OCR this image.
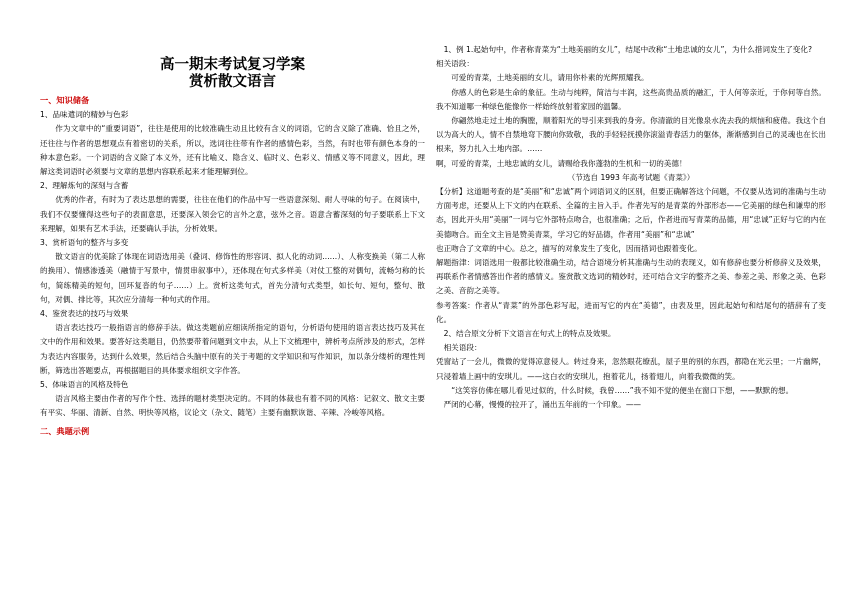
高一期末考试复习学案
赏析散文语言
一、知识储备

1、品味遣词的精妙与色彩

作为文章中的“重要词语”，往往是使用的比较准确生动且比较有含义的词语，它的含义除了准确、恰且之外，还往往与作者的思想观点有着密切的关系，所以，选词往往带有作者的感情色彩，当然，有时也带有颜色本身的一种本意色彩。一个词语的含义除了本义外，还有比喻义、隐含义、临时义、色彩义、情感义等不同意义，因此，理解这类词语时必须要与文章的思想内容联系起来才能理解到位。

2、理解炼句的深刻与含蓄

优秀的作者，有时为了表达思想的需要，往往在他们的作品中写一些语意深刻、耐人寻味的句子。在阅读中，我们不仅要懂得这些句子的表面意思，还要深入领会它的言外之意，弦外之音。语意含蓄深刻的句子要联系上下文来理解，如果有艺术手法，还要确认手法，分析效果。

3、赏析语句的整齐与多变

散文语言的优美除了体现在词语选用美（叠词、修饰性的形容词、拟人化的动词……）、人称变换美（第二人称的换用）、情感渗透美（融情于写景中，情贯串叙事中），还体现在句式多样美（对仗工整的对偶句，流畅匀称的长句，简练精美的短句，回环复沓的句子……）上。赏析这类句式，首先分清句式类型，如长句、短句，整句、散句，对偶、排比等，其次应分清每一种句式的作用。

4、鉴赏表达的技巧与效果

语言表达技巧一般指语言的修辞手法。做这类题前应细读所指定的语句，分析语句使用的语言表达技巧及其在文中的作用和效果。要答好这类题目，仍然要带着问题到文中去，从上下文梳理中，辨析考点所涉及的形式，怎样为表达内容服务，达到什么效果，然后结合头脑中原有的关于考题的文学知识和写作知识，加以条分缕析的理性判断，筛选出答题要点，再根据题目的具体要求组织文字作答。

5、体味语言的风格及特色

语言风格主要由作者的写作个性、选择的题材类型决定的。不同的体裁也有着不同的风格：记叙文、散文主要有平实、华丽、清新、自然、明快等风格，议论文（杂文、随笔）主要有幽默诙谐、辛辣、冷峻等风格。

二、典题示例

1、例 1.起始句中，作者称青菜为“土地美丽的女儿”，结尾中改称“土地忠诚的女儿”，为什么措词发生了变化?

相关语段：

可爱的青菜，土地美丽的女儿，请用你朴素的光辉照耀我。

你感人的色彩是生命的象征。生动与纯粹，简洁与丰润，这些高贵品质的融汇，于人何等亲近，于你何等自然。我不知道哪一种绿色能像你一样始终放射着家园的温馨。

你翩然地走过土地的胸膛，顺着阳光的导引来到我的身旁。你清澈的目光像泉水洗去我的烦恼和疲倦。我这个自以为高大的人，情不自禁地弯下腰向你致敬，我的手轻轻抚摸你滚溢青春活力的躯体，渐渐感到自己的灵魂也在长出根来，努力扎入土地内部。……

啊，可爱的青菜，土地忠诚的女儿，请赐给我你蓬勃的生机和一切的美德！

（节选自 1993 年高考试题《青菜》）

【分析】这道题考查的是“美丽”和“忠诚”两个词语词义的区别，但要正确解答这个问题，不仅要从选词的准确与生动方面考虑，还要从上下文的内在联系、全篇的主旨入手。作者先写的是青菜的外部形态——它美丽的绿色和谦卑的形态，因此开头用“美丽”一词与它外部特点吻合，也很准确；之后，作者进而写青菜的品德，用“忠诚”正好与它的内在美德吻合。而全文主旨是赞美青菜，学习它的好品德，作者用“美丽”和“忠诚”

也正吻合了文章的中心。总之，描写的对象发生了变化，因而措词也跟着变化。

解题指津：词语选用一般都比较准确生动，结合语境分析其准确与生动的表现义，如有修辞也要分析修辞义及效果，再联系作者情感答出作者的感情义。鉴赏散文选词的精妙时，还可结合文字的整齐之美、参差之美、形象之美、色彩之美、音韵之美等。

参考答案：作者从“青菜”的外部色彩写起，进而写它的内在“美德”，由表及里，因此起始句和结尾句的措辞有了变化。

2、结合原文分析下文语言在句式上的特点及效果。

相关语段：

凭窗站了一会儿，微微的觉得凉意侵人。转过身来，忽然眼花缭乱，屋子里的别的东西，都隐在光云里；一片幽辉，只浸着墙上画中的安琪儿。——这白衣的安琪儿，抱着花儿，扬着翅儿，向着我微微的笑。

“这笑容仿佛在哪儿看见过似的，什么时候，我曾……”我不知不觉的便坐在窗口下想，——默默的想。

严闭的心幕，慢慢的拉开了，涌出五年前的一个印象。——
